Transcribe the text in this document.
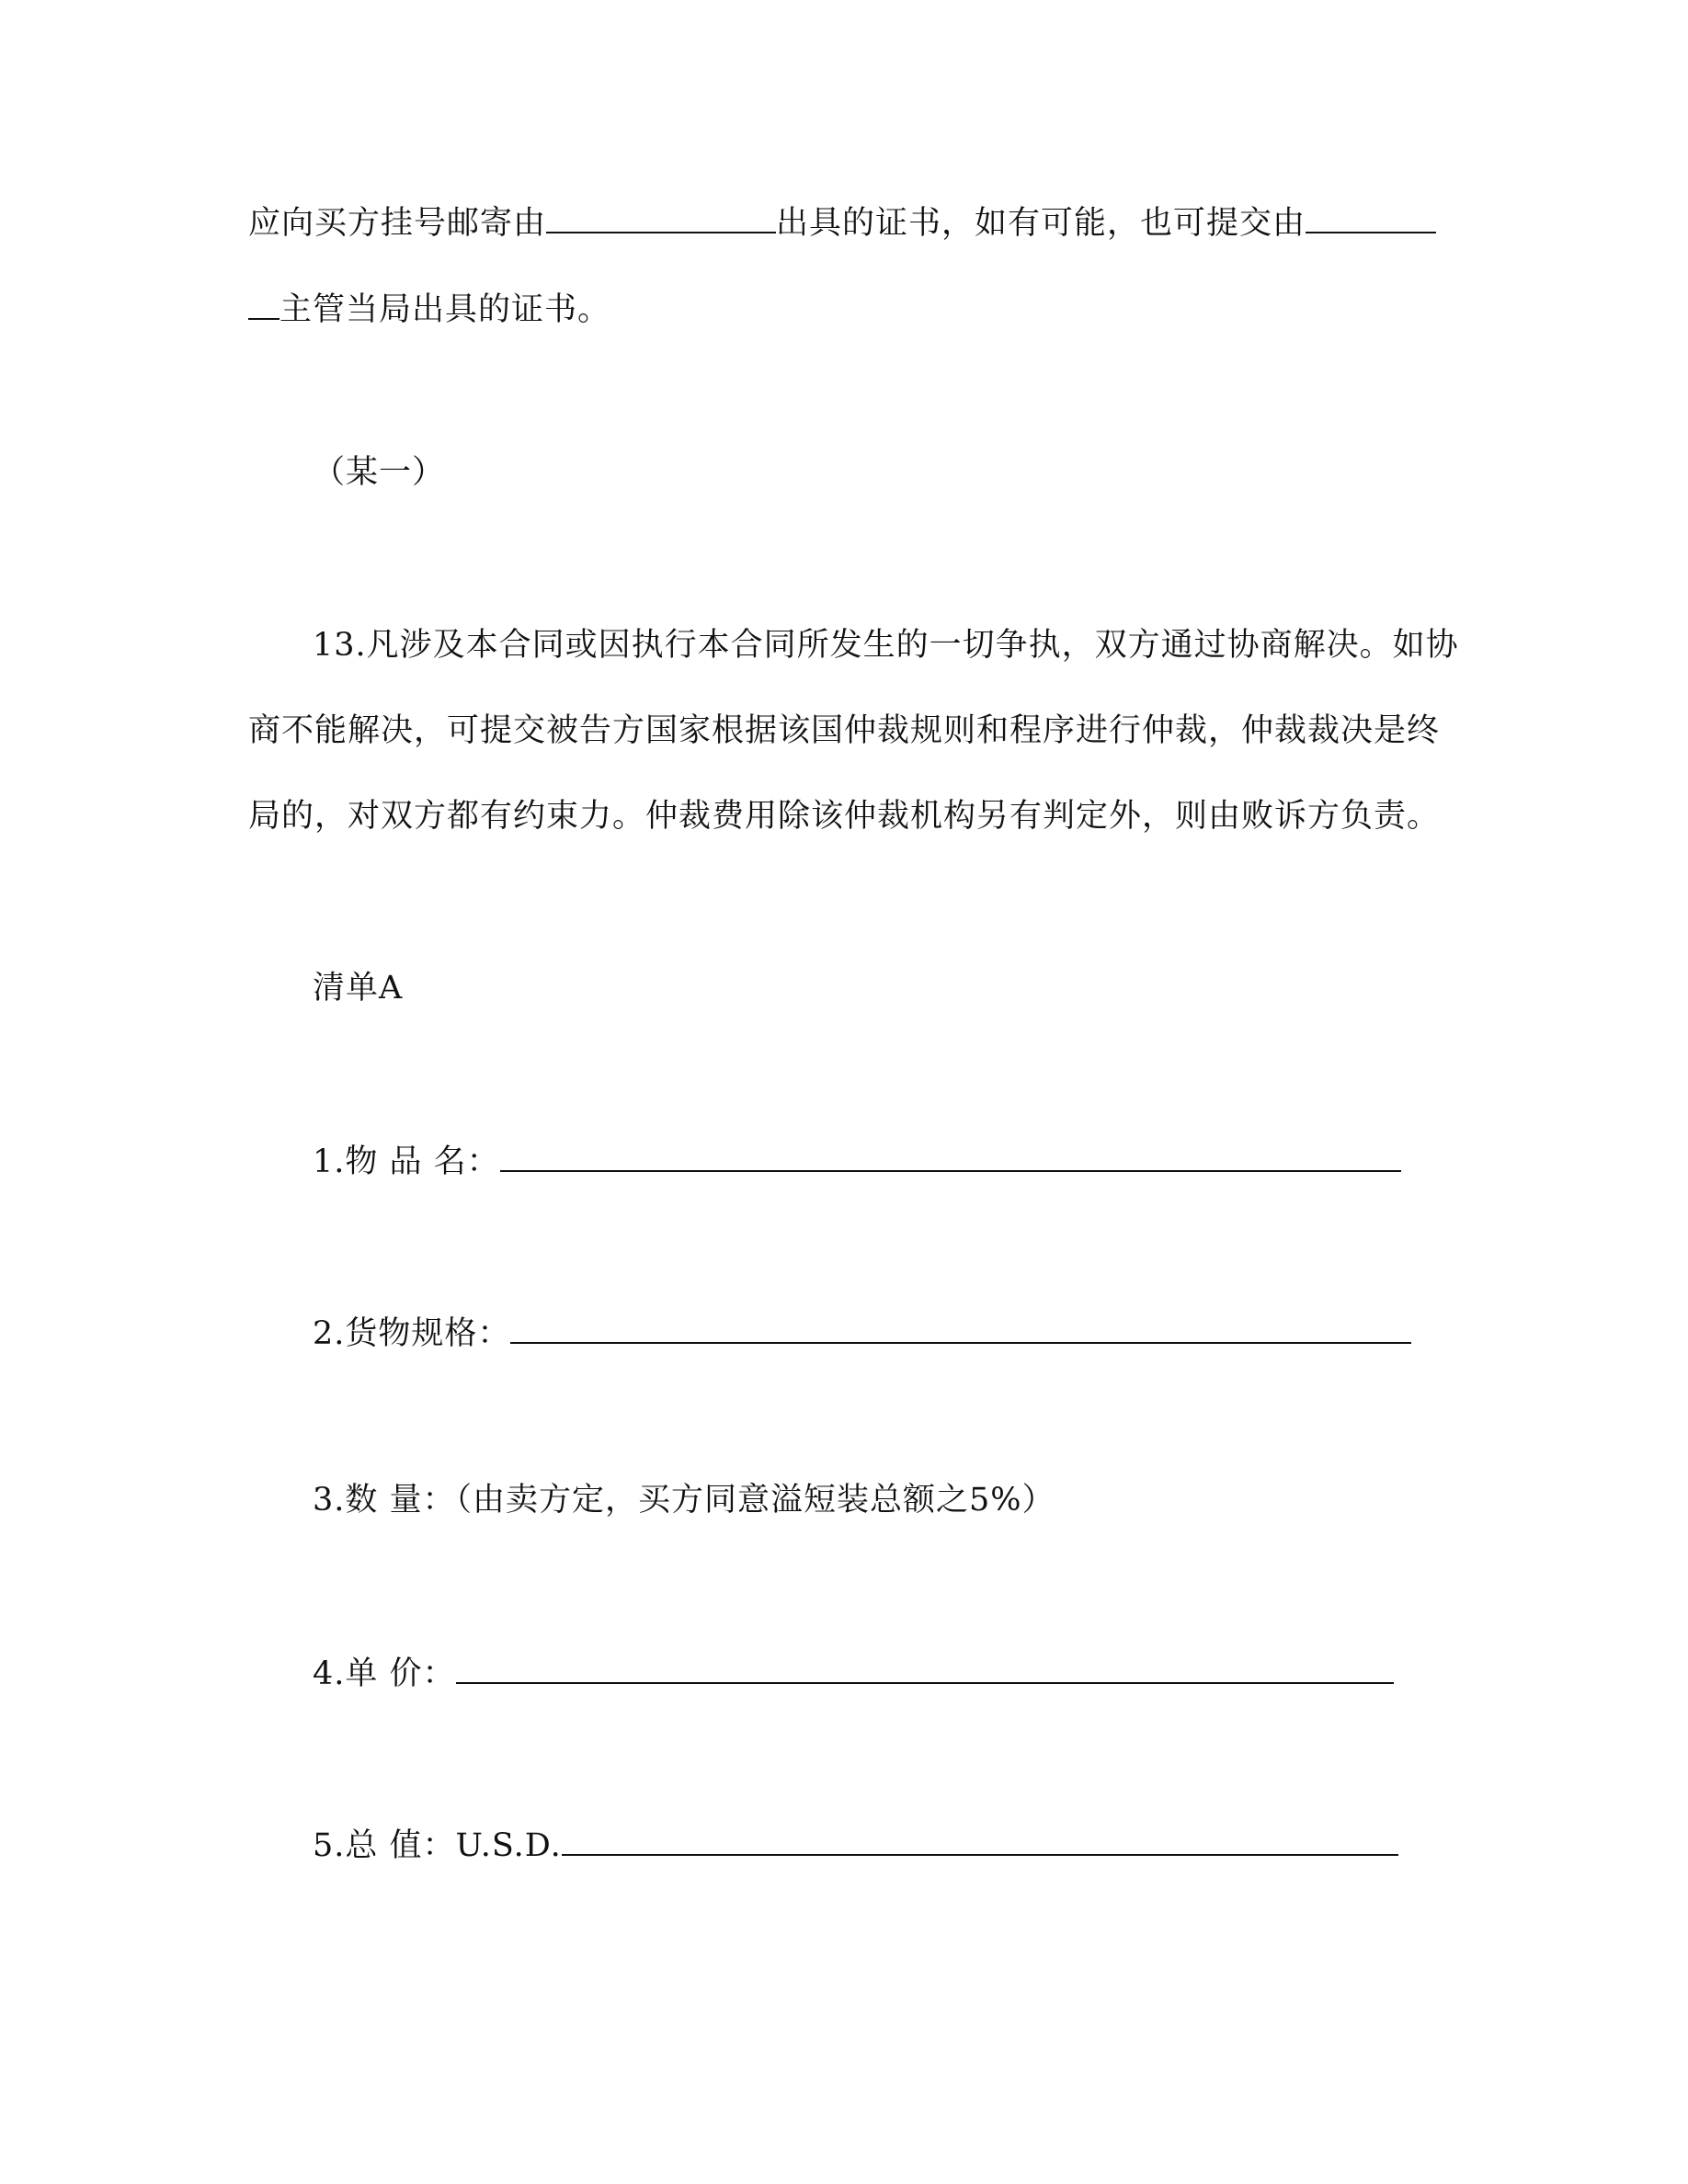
应向买方挂号邮寄由	出具的证书，如有可能，也可提交由
主管当局出具的证书。
（某一）
13.凡涉及本合同或因执行本合同所发生的一切争执，双方通过协商解决。如协
商不能解决，可提交被告方国家根据该国仲裁规则和程序进行仲裁，仲裁裁决是终
局的，对双方都有约束力。仲裁费用除该仲裁机构另有判定外，则由败诉方负责。
清单A
1.物 品 名：
2.货物规格：
3.数 量：（由卖方定，买方同意溢短装总额之5%）
4.单 价：
5.总 值：U.S.D.
